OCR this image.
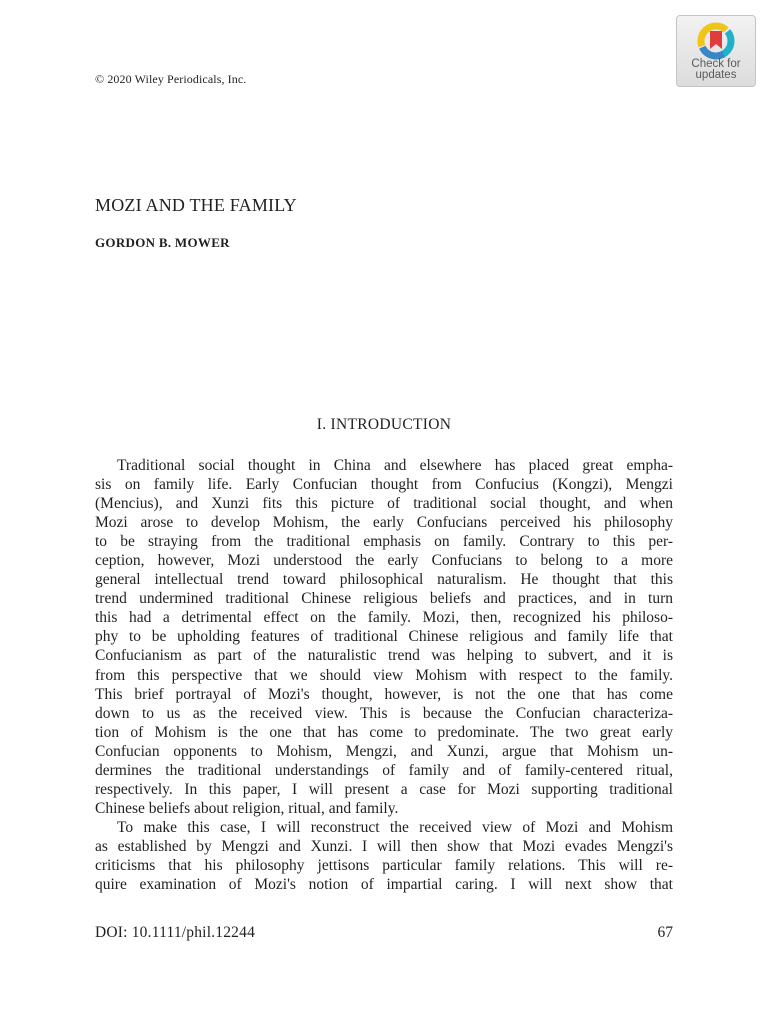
© 2020 Wiley Periodicals, Inc.
Check for
updates
MOZI AND THE FAMILY
GORDON B. MOWER
I. INTRODUCTION
Traditional social thought in China and elsewhere has placed great empha-
sis on family life. Early Confucian thought from Confucius (Kongzi), Mengzi
(Mencius), and Xunzi fits this picture of traditional social thought, and when
Mozi arose to develop Mohism, the early Confucians perceived his philosophy
to be straying from the traditional emphasis on family. Contrary to this per-
ception, however, Mozi understood the early Confucians to belong to a more
general intellectual trend toward philosophical naturalism. He thought that this
trend undermined traditional Chinese religious beliefs and practices, and in turn
this had a detrimental effect on the family. Mozi, then, recognized his philoso-
phy to be upholding features of traditional Chinese religious and family life that
Confucianism as part of the naturalistic trend was helping to subvert, and it is
from this perspective that we should view Mohism with respect to the family.
This brief portrayal of Mozi's thought, however, is not the one that has come
down to us as the received view. This is because the Confucian characteriza-
tion of Mohism is the one that has come to predominate. The two great early
Confucian opponents to Mohism, Mengzi, and Xunzi, argue that Mohism un-
dermines the traditional understandings of family and of family-centered ritual,
respectively. In this paper, I will present a case for Mozi supporting traditional
Chinese beliefs about religion, ritual, and family.
To make this case, I will reconstruct the received view of Mozi and Mohism
as established by Mengzi and Xunzi. I will then show that Mozi evades Mengzi's
criticisms that his philosophy jettisons particular family relations. This will re-
quire examination of Mozi's notion of impartial caring. I will next show that
DOI: 10.1111/phil.12244	67
